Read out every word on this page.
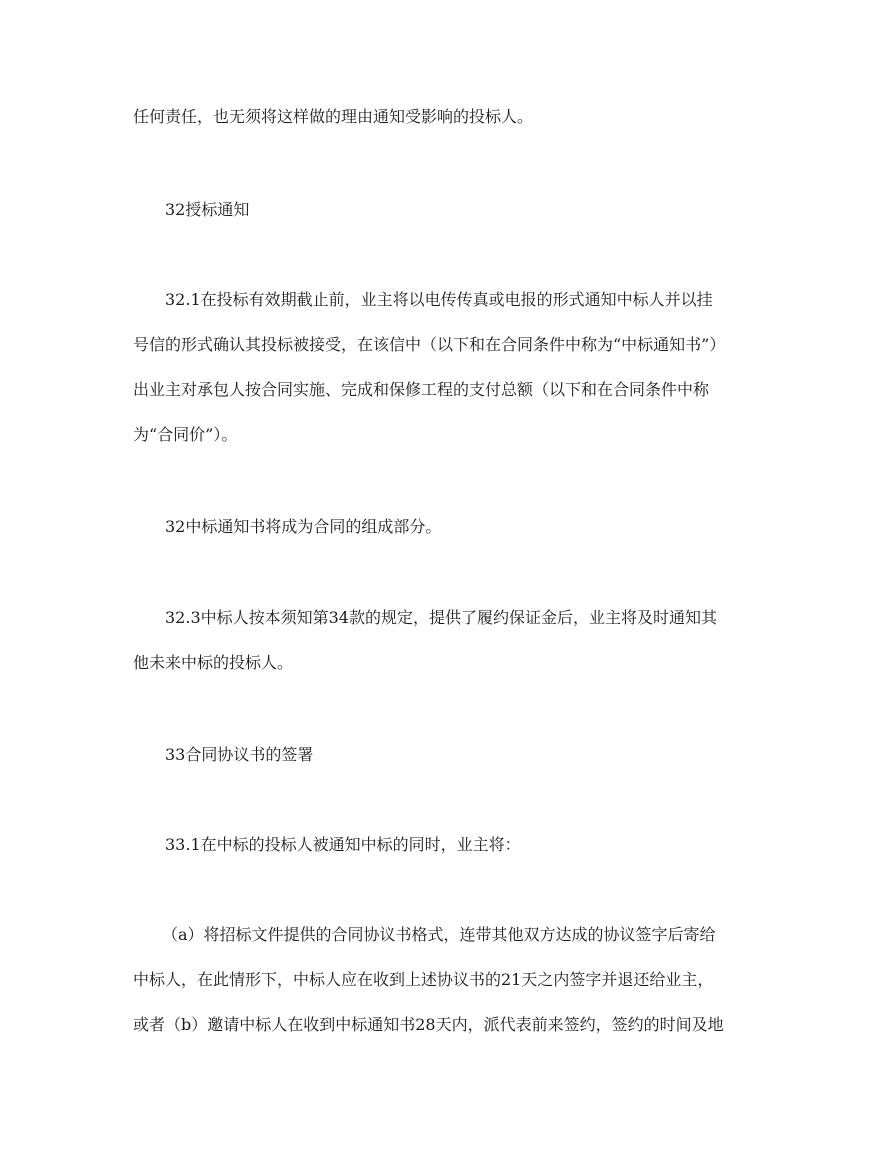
任何责任，也无须将这样做的理由通知受影响的投标人。
32授标通知
32.1在投标有效期截止前，业主将以电传传真或电报的形式通知中标人并以挂
号信的形式确认其投标被接受，在该信中（以下和在合同条件中称为“中标通知书”）
出业主对承包人按合同实施、完成和保修工程的支付总额（以下和在合同条件中称
为“合同价”）。
32中标通知书将成为合同的组成部分。
32.3中标人按本须知第34款的规定，提供了履约保证金后，业主将及时通知其
他未来中标的投标人。
33合同协议书的签署
33.1在中标的投标人被通知中标的同时，业主将：
（a）将招标文件提供的合同协议书格式，连带其他双方达成的协议签字后寄给
中标人，在此情形下，中标人应在收到上述协议书的21天之内签字并退还给业主，
或者（b）邀请中标人在收到中标通知书28天内，派代表前来签约，签约的时间及地
